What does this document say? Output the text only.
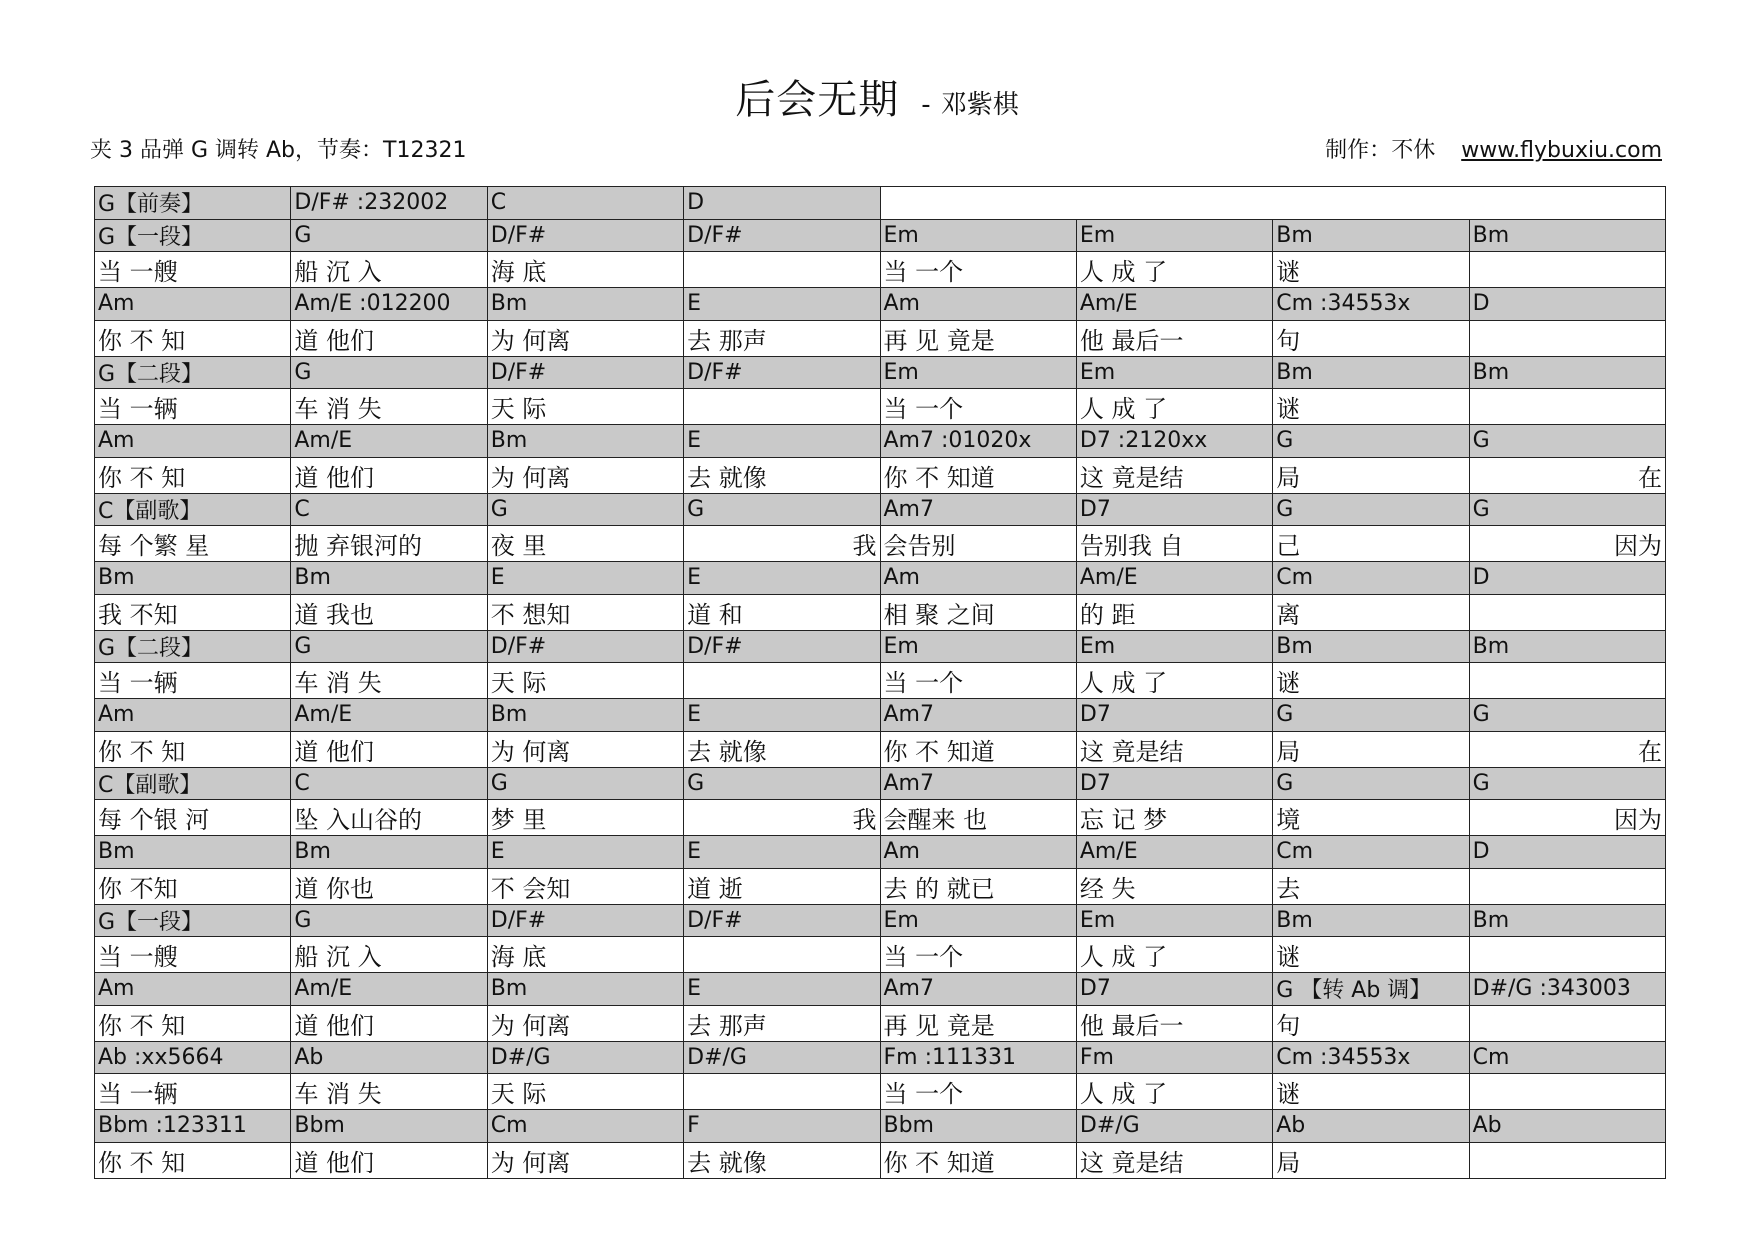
后会无期 - 邓紫棋
夹 3 品弹 G 调转 Ab，节奏：T12321	制作：不休 www.flybuxiu.com
G【前奏】	D/F# :232002	C	D				
G【一段】	G	D/F#	D/F#	Em	Em	Bm	Bm
当 一艘	船 沉 入	海 底		当 一个	人 成 了	谜	
Am	Am/E :012200	Bm	E	Am	Am/E	Cm :34553x	D
你 不 知	道 他们	为 何离	去 那声	再 见 竟是	他 最后一	句	
G【二段】	G	D/F#	D/F#	Em	Em	Bm	Bm
当 一辆	车 消 失	天 际		当 一个	人 成 了	谜	
Am	Am/E	Bm	E	Am7 :01020x	D7 :2120xx	G	G
你 不 知	道 他们	为 何离	去 就像	你 不 知道	这 竟是结	局	在
C【副歌】	C	G	G	Am7	D7	G	G
每 个繁 星	抛 弃银河的	夜 里	我	会告别	告别我 自	己	因为
Bm	Bm	E	E	Am	Am/E	Cm	D
我 不知	道 我也	不 想知	道 和	相 聚 之间	的 距	离	
G【二段】	G	D/F#	D/F#	Em	Em	Bm	Bm
当 一辆	车 消 失	天 际		当 一个	人 成 了	谜	
Am	Am/E	Bm	E	Am7	D7	G	G
你 不 知	道 他们	为 何离	去 就像	你 不 知道	这 竟是结	局	在
C【副歌】	C	G	G	Am7	D7	G	G
每 个银 河	坠 入山谷的	梦 里	我	会醒来 也	忘 记 梦	境	因为
Bm	Bm	E	E	Am	Am/E	Cm	D
你 不知	道 你也	不 会知	道 逝	去 的 就已	经 失	去	
G【一段】	G	D/F#	D/F#	Em	Em	Bm	Bm
当 一艘	船 沉 入	海 底		当 一个	人 成 了	谜	
Am	Am/E	Bm	E	Am7	D7	G 【转 Ab 调】	D#/G :343003
你 不 知	道 他们	为 何离	去 那声	再 见 竟是	他 最后一	句	
Ab :xx5664	Ab	D#/G	D#/G	Fm :111331	Fm	Cm :34553x	Cm
当 一辆	车 消 失	天 际		当 一个	人 成 了	谜	
Bbm :123311	Bbm	Cm	F	Bbm	D#/G	Ab	Ab
你 不 知	道 他们	为 何离	去 就像	你 不 知道	这 竟是结	局	
